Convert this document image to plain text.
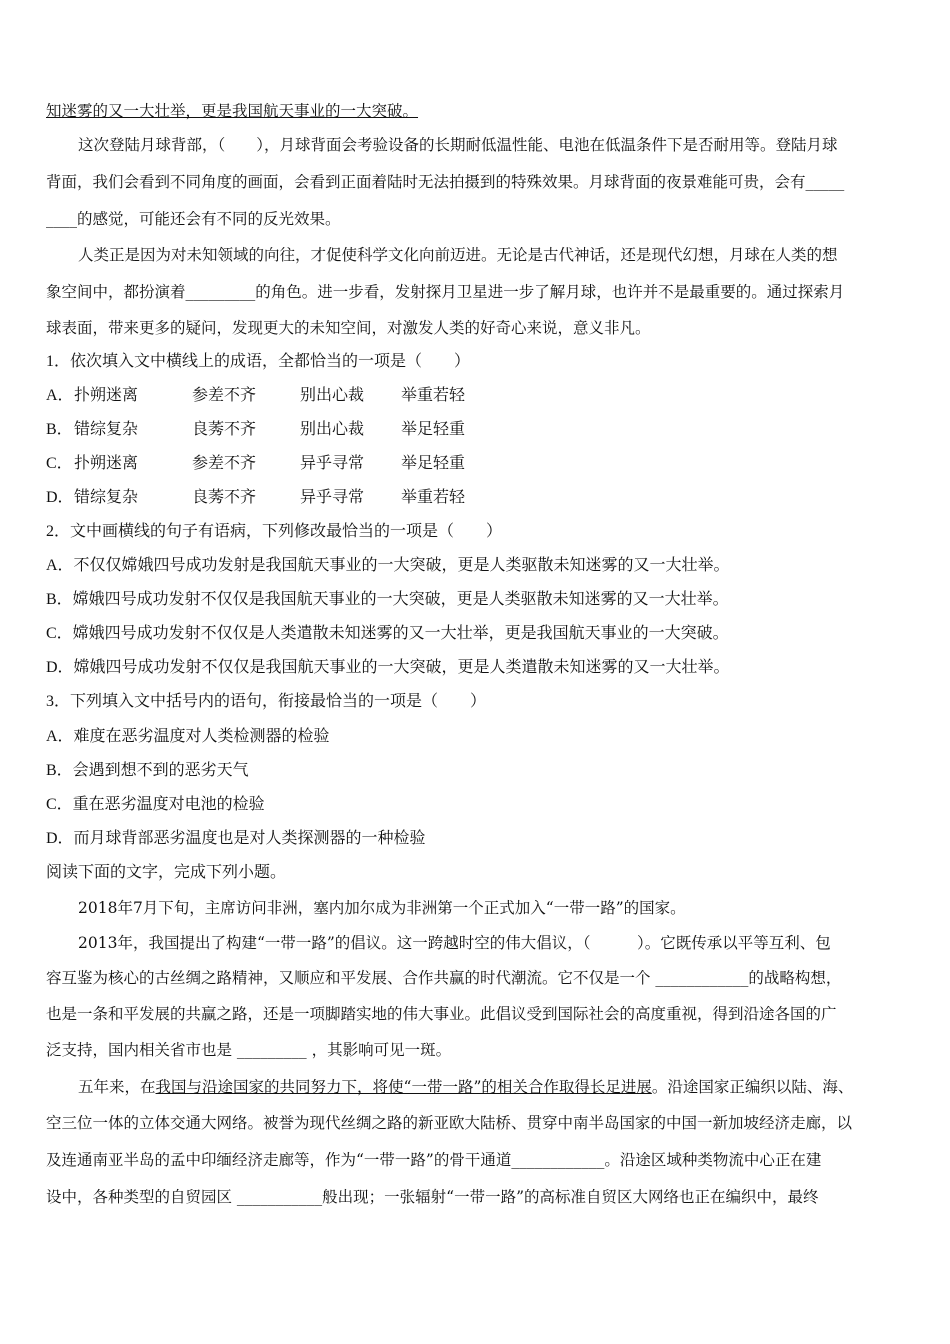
知迷雾的又一大壮举，更是我国航天事业的一大突破。
这次登陆月球背部，（　　），月球背面会考验设备的长期耐低温性能、电池在低温条件下是否耐用等。登陆月球
背面，我们会看到不同角度的画面，会看到正面着陆时无法拍摄到的特殊效果。月球背面的夜景难能可贵，会有_____
____的感觉，可能还会有不同的反光效果。
人类正是因为对未知领域的向往，才促使科学文化向前迈进。无论是古代神话，还是现代幻想，月球在人类的想
象空间中，都扮演着_________的角色。进一步看，发射探月卫星进一步了解月球，也许并不是最重要的。通过探索月
球表面，带来更多的疑问，发现更大的未知空间，对激发人类的好奇心来说，意义非凡。
1．依次填入文中横线上的成语，全都恰当的一项是（　　）
A．扑朔迷离	参差不齐	别出心裁 举重若轻
B．错综复杂	良莠不齐	别出心裁 举足轻重
C．扑朔迷离	参差不齐	异乎寻常 举足轻重
D．错综复杂	良莠不齐	异乎寻常 举重若轻
2．文中画横线的句子有语病，下列修改最恰当的一项是（　　）
A．不仅仅嫦娥四号成功发射是我国航天事业的一大突破，更是人类驱散未知迷雾的又一大壮举。
B．嫦娥四号成功发射不仅仅是我国航天事业的一大突破，更是人类驱散未知迷雾的又一大壮举。
C．嫦娥四号成功发射不仅仅是人类遣散未知迷雾的又一大壮举，更是我国航天事业的一大突破。
D．嫦娥四号成功发射不仅仅是我国航天事业的一大突破，更是人类遣散未知迷雾的又一大壮举。
3．下列填入文中括号内的语句，衔接最恰当的一项是（　　）
A．难度在恶劣温度对人类检测器的检验
B．会遇到想不到的恶劣天气
C．重在恶劣温度对电池的检验
D．而月球背部恶劣温度也是对人类探测器的一种检验
阅读下面的文字，完成下列小题。
2018年7月下旬，主席访问非洲，塞内加尔成为非洲第一个正式加入“一带一路”的国家。
2013年，我国提出了构建“一带一路”的倡议。这一跨越时空的伟大倡议，（　　　）。它既传承以平等互利、包
容互鉴为核心的古丝绸之路精神，又顺应和平发展、合作共赢的时代潮流。它不仅是一个 ____________的战略构想，
也是一条和平发展的共赢之路，还是一项脚踏实地的伟大事业。此倡议受到国际社会的高度重视，得到沿途各国的广
泛支持，国内相关省市也是 _________ ，其影响可见一斑。
五年来，在我国与沿途国家的共同努力下，将使“一带一路”的相关合作取得长足进展。沿途国家正编织以陆、海、
空三位一体的立体交通大网络。被誉为现代丝绸之路的新亚欧大陆桥、贯穿中南半岛国家的中国一新加坡经济走廊，以
及连通南亚半岛的孟中印缅经济走廊等，作为“一带一路”的骨干通道____________。沿途区域种类物流中心正在建
设中，各种类型的自贸园区 ___________般出现；一张辐射“一带一路”的高标准自贸区大网络也正在编织中，最终
